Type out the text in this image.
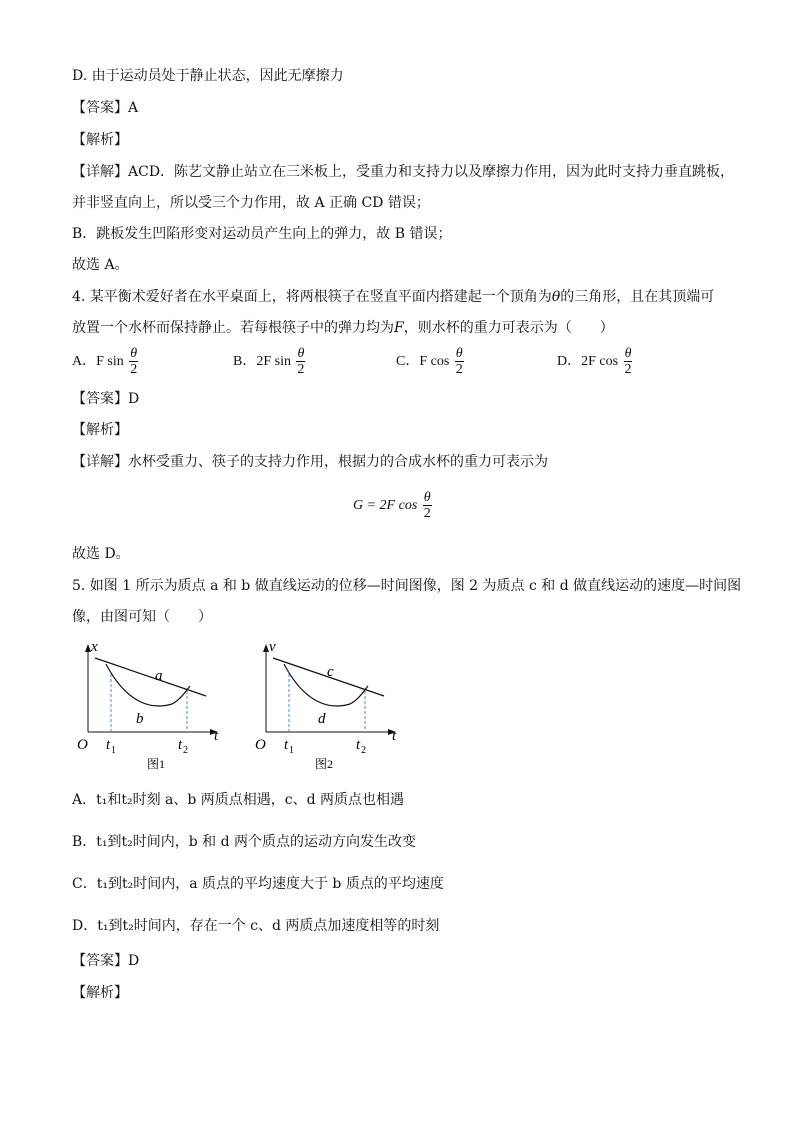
D. 由于运动员处于静止状态，因此无摩擦力
【答案】A
【解析】
【详解】ACD．陈艺文静止站立在三米板上，受重力和支持力以及摩擦力作用，因为此时支持力垂直跳板，
并非竖直向上，所以受三个力作用，故 A 正确 CD 错误；
B．跳板发生凹陷形变对运动员产生向上的弹力，故 B 错误；
故选 A。
4. 某平衡术爱好者在水平桌面上，将两根筷子在竖直平面内搭建起一个顶角为θ的三角形，且在其顶端可
放置一个水杯而保持静止。若每根筷子中的弹力均为F，则水杯的重力可表示为（　　）
A．F $\sin \frac{\theta}{2}$	B．2F $\sin \frac{\theta}{2}$	C．F $\cos \frac{\theta}{2}$	D．2F $\cos \frac{\theta}{2}$
【答案】D
【解析】
【详解】水杯受重力、筷子的支持力作用，根据力的合成水杯的重力可表示为
G = 2F $\cos \frac{\theta}{2}$
故选 D。
5. 如图 1 所示为质点 a 和 b 做直线运动的位移—时间图像，图 2 为质点 c 和 d 做直线运动的速度—时间图
像，由图可知（　　）
x
t
O t 1	t 2
a
b
图1
v
t
O t 1	t 2
c
d
图2
A．t₁和t₂时刻 a、b 两质点相遇，c、d 两质点也相遇
B．t₁到t₂时间内，b 和 d 两个质点的运动方向发生改变
C．t₁到t₂时间内，a 质点的平均速度大于 b 质点的平均速度
D．t₁到t₂时间内，存在一个 c、d 两质点加速度相等的时刻
【答案】D
【解析】
